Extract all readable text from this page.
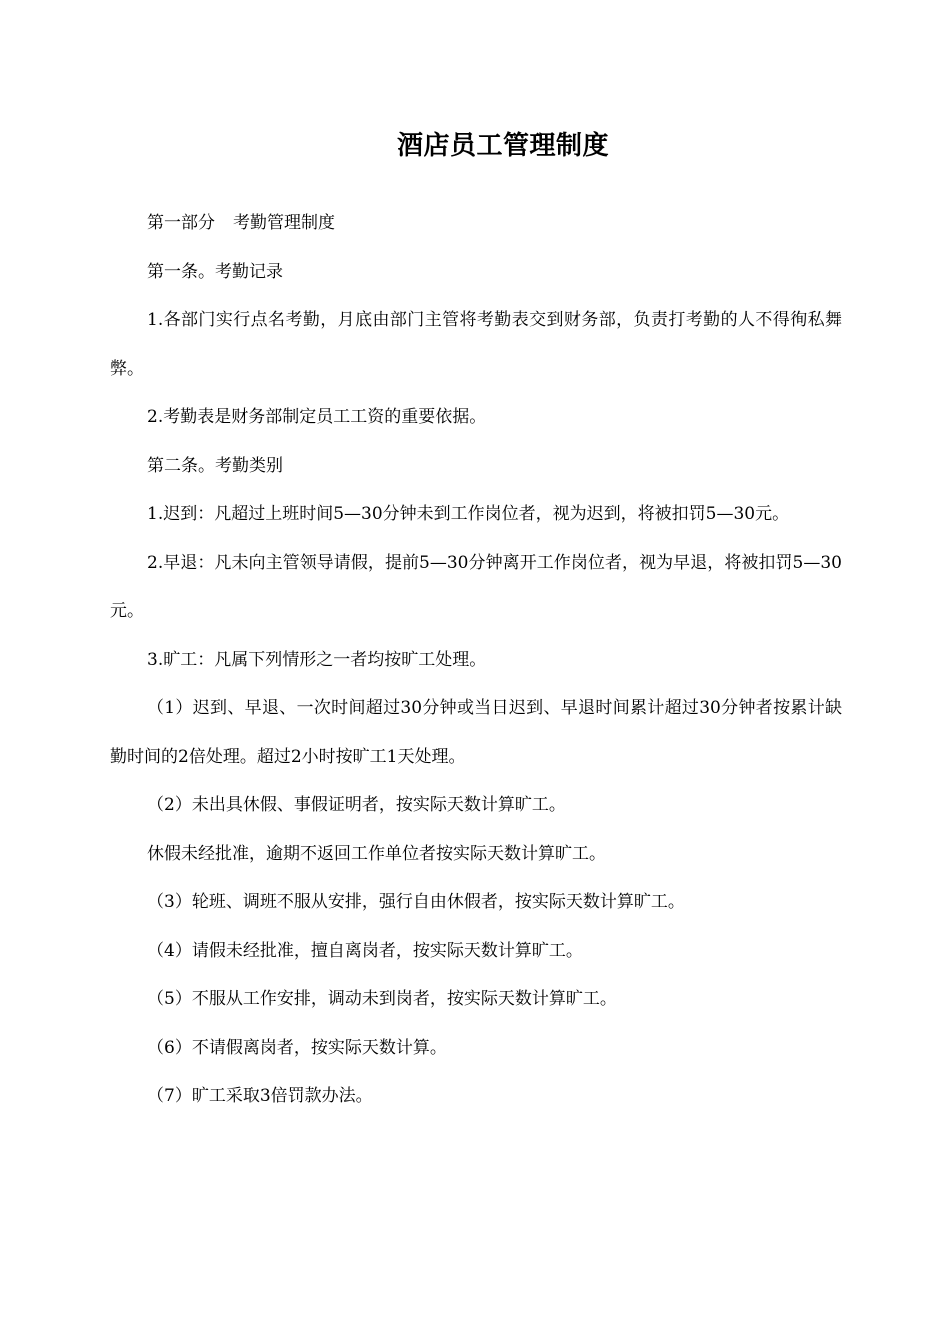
酒店员工管理制度

第一部分 考勤管理制度

第一条。考勤记录

1.各部门实行点名考勤，月底由部门主管将考勤表交到财务部，负责打考勤的人不得徇私舞弊。

2.考勤表是财务部制定员工工资的重要依据。

第二条。考勤类别

1.迟到：凡超过上班时间5—30分钟未到工作岗位者，视为迟到，将被扣罚5—30元。

2.早退：凡未向主管领导请假，提前5—30分钟离开工作岗位者，视为早退，将被扣罚5—30元。

3.旷工：凡属下列情形之一者均按旷工处理。

（1）迟到、早退、一次时间超过30分钟或当日迟到、早退时间累计超过30分钟者按累计缺勤时间的2倍处理。超过2小时按旷工1天处理。

（2）未出具休假、事假证明者，按实际天数计算旷工。

休假未经批准，逾期不返回工作单位者按实际天数计算旷工。

（3）轮班、调班不服从安排，强行自由休假者，按实际天数计算旷工。

（4）请假未经批准，擅自离岗者，按实际天数计算旷工。

（5）不服从工作安排，调动未到岗者，按实际天数计算旷工。

（6）不请假离岗者，按实际天数计算。

（7）旷工采取3倍罚款办法。
